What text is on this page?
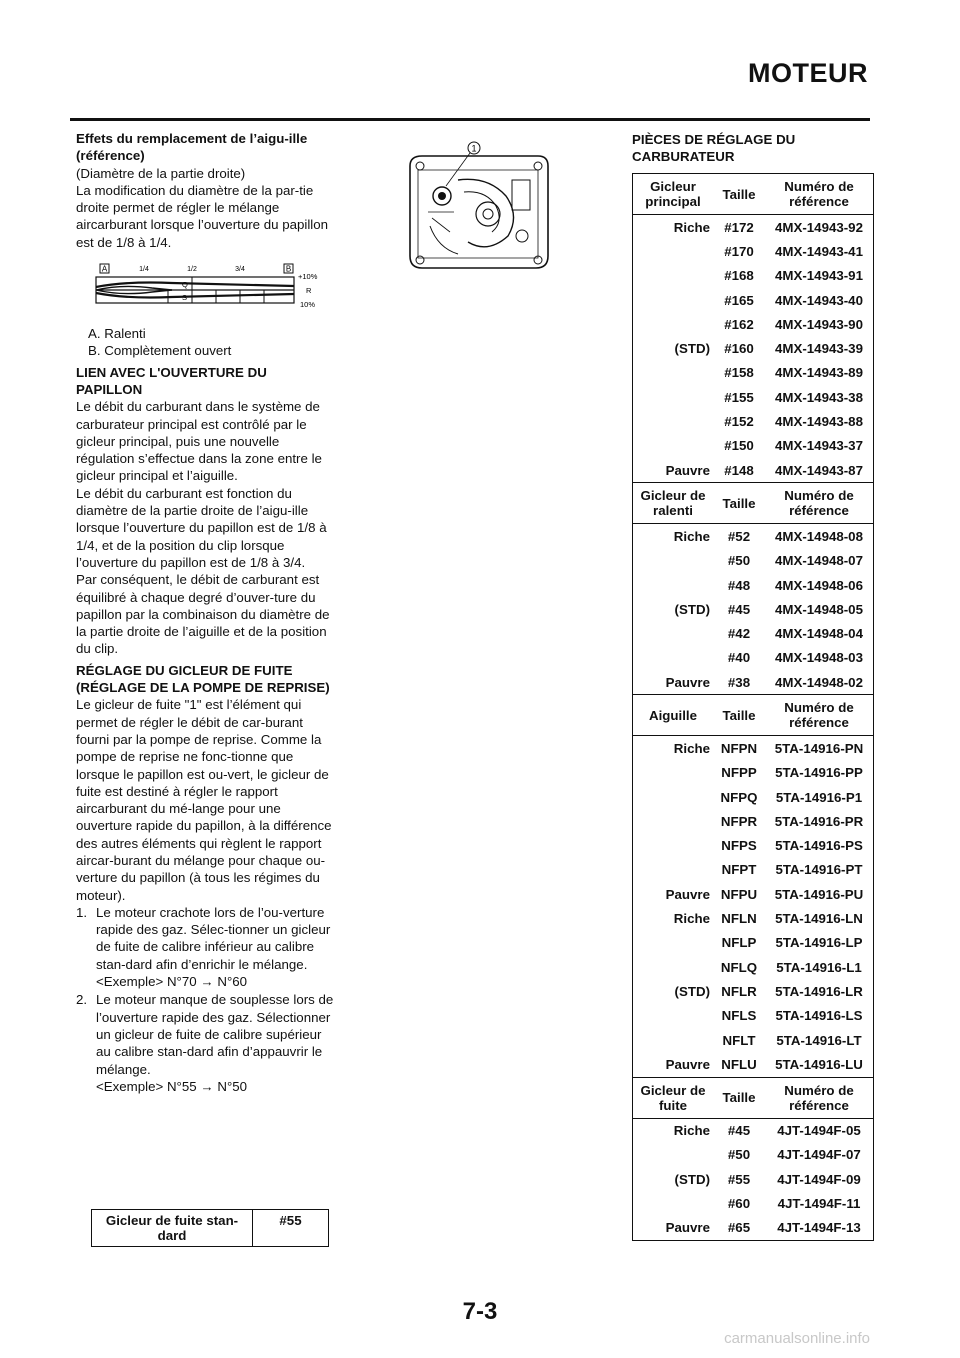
MOTEUR

Effets du remplacement de l’aigu-ille (référence)

(Diamètre de la partie droite)

La modification du diamètre de la par-tie droite permet de régler le mélange aircarburant lorsque l’ouverture du papillon est de 1/8 à 1/4.

A	B
1/4	1/2	3/4
Q
S
+10%
R
10%
A. Ralenti
B. Complètement ouvert

LIEN AVEC L'OUVERTURE DU PAPILLON

Le débit du carburant dans le système de carburateur principal est contrôlé par le gicleur principal, puis une nouvelle régulation s’effectue dans la zone entre le gicleur principal et l’aiguille.

Le débit du carburant est fonction du diamètre de la partie droite de l’aigu-ille lorsque l’ouverture du papillon est de 1/8 à 1/4, et de la position du clip lorsque l’ouverture du papillon est de 1/8 à 3/4.

Par conséquent, le débit de carburant est équilibré à chaque degré d’ouver-ture du papillon par la combinaison du diamètre de la partie droite de l’aiguille et de la position du clip.

RÉGLAGE DU GICLEUR DE FUITE (RÉGLAGE DE LA POMPE DE REPRISE)

Le gicleur de fuite "1" est l’élément qui permet de régler le débit de car-burant fourni par la pompe de reprise. Comme la pompe de reprise ne fonc-tionne que lorsque le papillon est ou-vert, le gicleur de fuite est destiné à régler le rapport aircarburant du mé-lange pour une ouverture rapide du papillon, à la différence des autres éléments qui règlent le rapport aircar-burant du mélange pour chaque ou-verture du papillon (à tous les régimes du moteur).

1. Le moteur crachote lors de l’ou-verture rapide des gaz. Sélec-tionner un gicleur de fuite de calibre inférieur au calibre stan-dard afin d’enrichir le mélange.
<Exemple> N°70 → N°60
2. Le moteur manque de souplesse lors de l’ouverture rapide des gaz. Sélectionner un gicleur de fuite de calibre supérieur au calibre stan-dard afin d’appauvrir le mélange.
<Exemple> N°55 → N°50
Gicleur de fuite stan-dard	#55
1

PIÈCES DE RÉGLAGE DU CARBURATEUR

Gicleur principal	Taille	Numéro de référence
Riche	#172	4MX-14943-92
	#170	4MX-14943-41
	#168	4MX-14943-91
	#165	4MX-14943-40
	#162	4MX-14943-90
(STD)	#160	4MX-14943-39
	#158	4MX-14943-89
	#155	4MX-14943-38
	#152	4MX-14943-88
	#150	4MX-14943-37
Pauvre	#148	4MX-14943-87
Gicleur de ralenti	Taille	Numéro de référence
Riche	#52	4MX-14948-08
	#50	4MX-14948-07
	#48	4MX-14948-06
(STD)	#45	4MX-14948-05
	#42	4MX-14948-04
	#40	4MX-14948-03
Pauvre	#38	4MX-14948-02
Aiguille	Taille	Numéro de référence
Riche	NFPN	5TA-14916-PN
	NFPP	5TA-14916-PP
	NFPQ	5TA-14916-P1
	NFPR	5TA-14916-PR
	NFPS	5TA-14916-PS
	NFPT	5TA-14916-PT
Pauvre	NFPU	5TA-14916-PU
Riche	NFLN	5TA-14916-LN
	NFLP	5TA-14916-LP
	NFLQ	5TA-14916-L1
(STD)	NFLR	5TA-14916-LR
	NFLS	5TA-14916-LS
	NFLT	5TA-14916-LT
Pauvre	NFLU	5TA-14916-LU
Gicleur de fuite	Taille	Numéro de référence
Riche	#45	4JT-1494F-05
	#50	4JT-1494F-07
(STD)	#55	4JT-1494F-09
	#60	4JT-1494F-11
Pauvre	#65	4JT-1494F-13
7-3
carmanualsonline.info
